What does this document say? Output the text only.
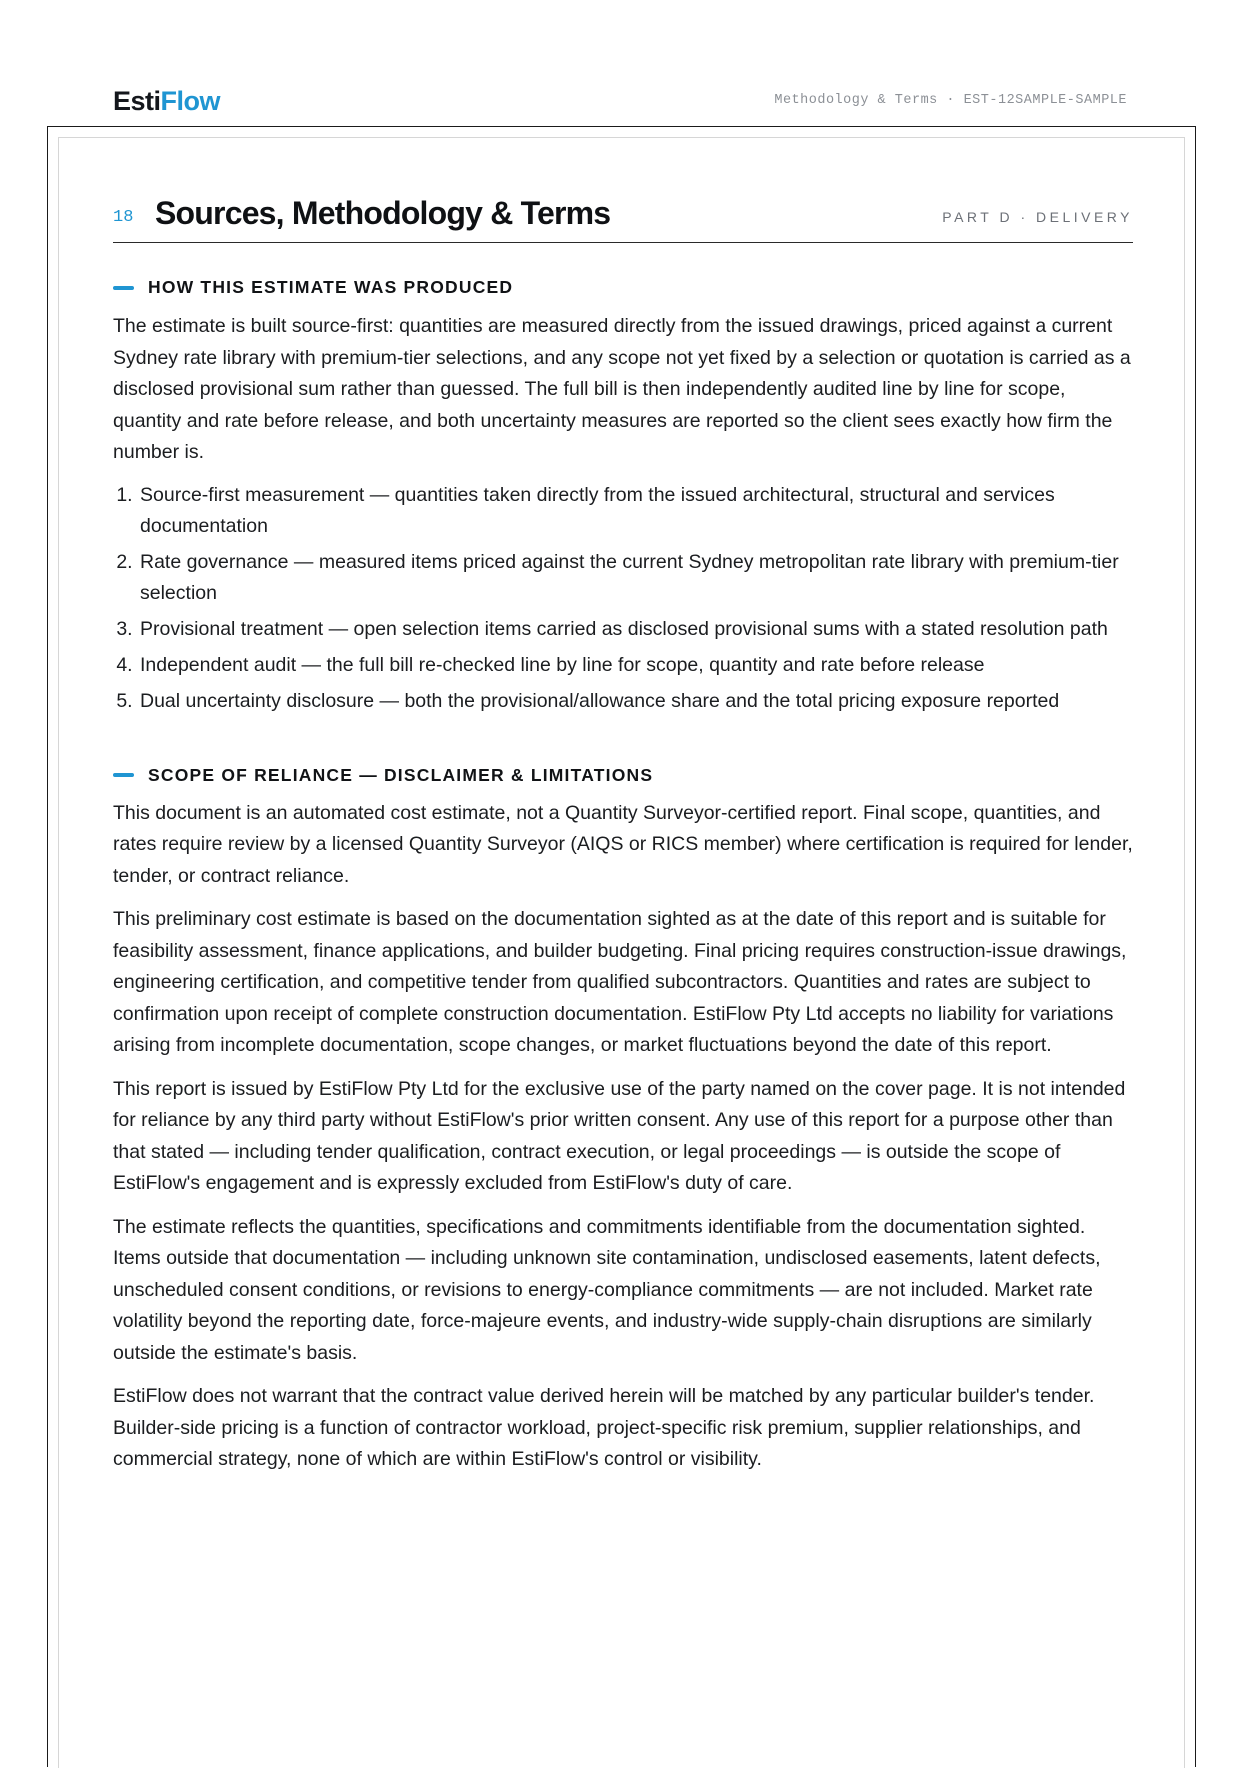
EstiFlow	Methodology & Terms · EST-12SAMPLE-SAMPLE
18 Sources, Methodology & Terms	PART D · DELIVERY
HOW THIS ESTIMATE WAS PRODUCED

The estimate is built source-first: quantities are measured directly from the issued drawings, priced against a current Sydney rate library with premium-tier selections, and any scope not yet fixed by a selection or quotation is carried as a disclosed provisional sum rather than guessed. The full bill is then independently audited line by line for scope, quantity and rate before release, and both uncertainty measures are reported so the client sees exactly how firm the number is.

1. Source-first measurement — quantities taken directly from the issued architectural, structural and services documentation
2. Rate governance — measured items priced against the current Sydney metropolitan rate library with premium-tier selection
3. Provisional treatment — open selection items carried as disclosed provisional sums with a stated resolution path
4. Independent audit — the full bill re-checked line by line for scope, quantity and rate before release
5. Dual uncertainty disclosure — both the provisional/allowance share and the total pricing exposure reported
SCOPE OF RELIANCE — DISCLAIMER & LIMITATIONS

This document is an automated cost estimate, not a Quantity Surveyor-certified report. Final scope, quantities, and rates require review by a licensed Quantity Surveyor (AIQS or RICS member) where certification is required for lender, tender, or contract reliance.

This preliminary cost estimate is based on the documentation sighted as at the date of this report and is suitable for feasibility assessment, finance applications, and builder budgeting. Final pricing requires construction-issue drawings, engineering certification, and competitive tender from qualified subcontractors. Quantities and rates are subject to confirmation upon receipt of complete construction documentation. EstiFlow Pty Ltd accepts no liability for variations arising from incomplete documentation, scope changes, or market fluctuations beyond the date of this report.

This report is issued by EstiFlow Pty Ltd for the exclusive use of the party named on the cover page. It is not intended for reliance by any third party without EstiFlow's prior written consent. Any use of this report for a purpose other than that stated — including tender qualification, contract execution, or legal proceedings — is outside the scope of EstiFlow's engagement and is expressly excluded from EstiFlow's duty of care.

The estimate reflects the quantities, specifications and commitments identifiable from the documentation sighted. Items outside that documentation — including unknown site contamination, undisclosed easements, latent defects, unscheduled consent conditions, or revisions to energy-compliance commitments — are not included. Market rate volatility beyond the reporting date, force-majeure events, and industry-wide supply-chain disruptions are similarly outside the estimate's basis.

EstiFlow does not warrant that the contract value derived herein will be matched by any particular builder's tender. Builder-side pricing is a function of contractor workload, project-specific risk premium, supplier relationships, and commercial strategy, none of which are within EstiFlow's control or visibility.
